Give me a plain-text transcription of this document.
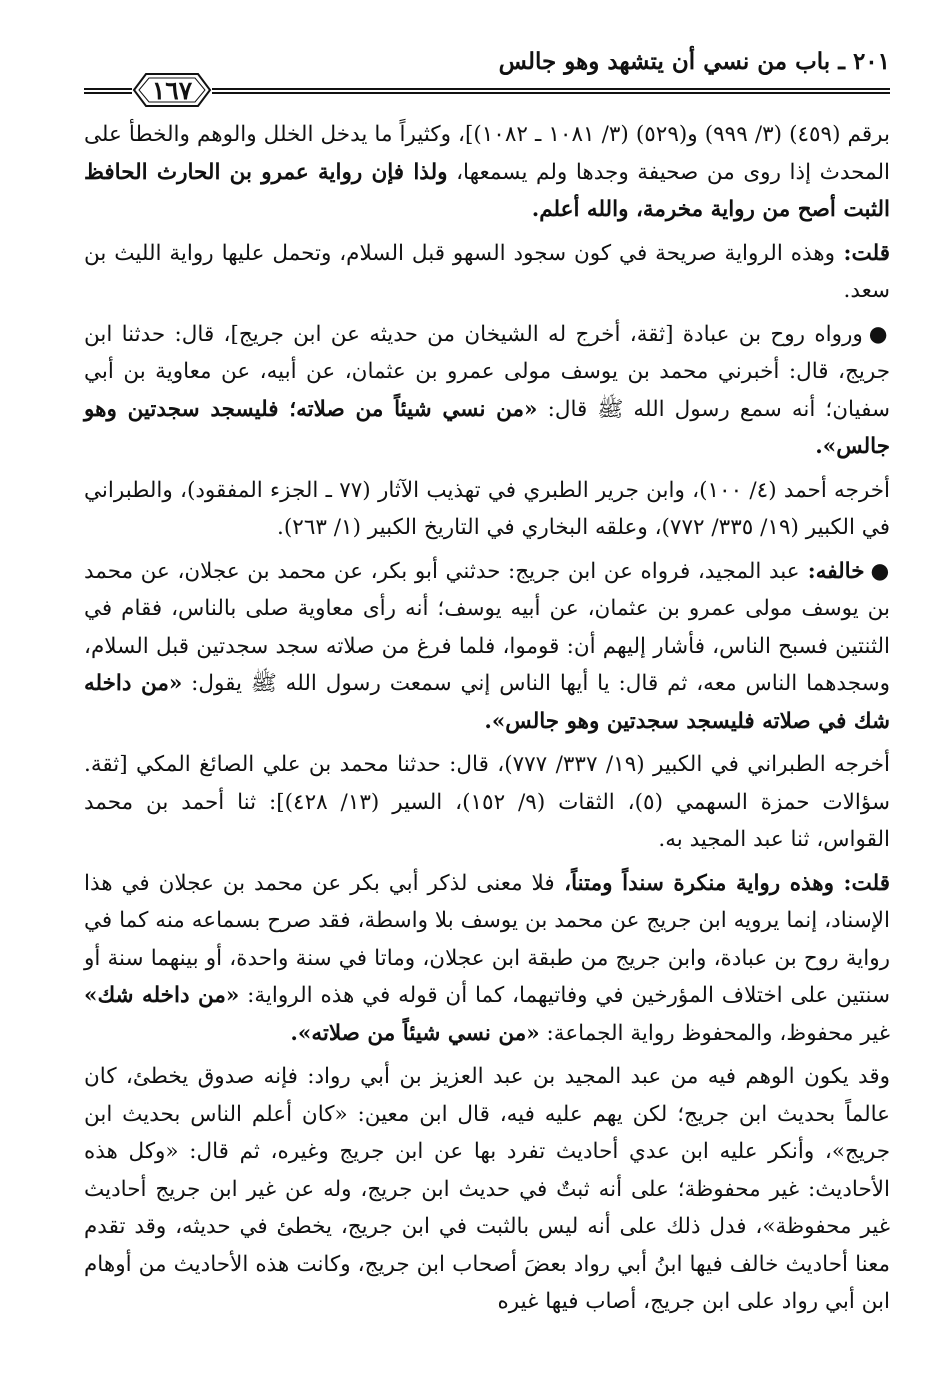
٢٠١ ـ باب من نسي أن يتشهد وهو جالس
١٦٧

برقم (٤٥٩) (٣/ ٩٩٩) و(٥٢٩) (٣/ ١٠٨١ ـ ١٠٨٢)]، وكثيراً ما يدخل الخلل والوهم والخطأ على المحدث إذا روى من صحيفة وجدها ولم يسمعها، ولذا فإن رواية عمرو بن الحارث الحافظ الثبت أصح من رواية مخرمة، والله أعلم.

قلت: وهذه الرواية صريحة في كون سجود السهو قبل السلام، وتحمل عليها رواية الليث بن سعد.

●ورواه روح بن عبادة [ثقة، أخرج له الشيخان من حديثه عن ابن جريج]، قال: حدثنا ابن جريج، قال: أخبرني محمد بن يوسف مولى عمرو بن عثمان، عن أبيه، عن معاوية بن أبي سفيان؛ أنه سمع رسول الله ﷺ قال: «من نسي شيئاً من صلاته؛ فليسجد سجدتين وهو جالس».

أخرجه أحمد (٤/ ١٠٠)، وابن جرير الطبري في تهذيب الآثار (٧٧ ـ الجزء المفقود)، والطبراني في الكبير (١٩/ ٣٣٥/ ٧٧٢)، وعلقه البخاري في التاريخ الكبير (١/ ٢٦٣).

●خالفه: عبد المجيد، فرواه عن ابن جريج: حدثني أبو بكر، عن محمد بن عجلان، عن محمد بن يوسف مولى عمرو بن عثمان، عن أبيه يوسف؛ أنه رأى معاوية صلى بالناس، فقام في الثنتين فسبح الناس، فأشار إليهم أن: قوموا، فلما فرغ من صلاته سجد سجدتين قبل السلام، وسجدهما الناس معه، ثم قال: يا أيها الناس إني سمعت رسول الله ﷺ يقول: «من داخله شك في صلاته فليسجد سجدتين وهو جالس».

أخرجه الطبراني في الكبير (١٩/ ٣٣٧/ ٧٧٧)، قال: حدثنا محمد بن علي الصائغ المكي [ثقة. سؤالات حمزة السهمي (٥)، الثقات (٩/ ١٥٢)، السير (١٣/ ٤٢٨)]: ثنا أحمد بن محمد القواس، ثنا عبد المجيد به.

قلت: وهذه رواية منكرة سنداً ومتناً، فلا معنى لذكر أبي بكر عن محمد بن عجلان في هذا الإسناد، إنما يرويه ابن جريج عن محمد بن يوسف بلا واسطة، فقد صرح بسماعه منه كما في رواية روح بن عبادة، وابن جريج من طبقة ابن عجلان، وماتا في سنة واحدة، أو بينهما سنة أو سنتين على اختلاف المؤرخين في وفاتيهما، كما أن قوله في هذه الرواية: «من داخله شك» غير محفوظ، والمحفوظ رواية الجماعة: «من نسي شيئاً من صلاته».

وقد يكون الوهم فيه من عبد المجيد بن عبد العزيز بن أبي رواد: فإنه صدوق يخطئ، كان عالماً بحديث ابن جريج؛ لكن يهم عليه فيه، قال ابن معين: «كان أعلم الناس بحديث ابن جريج»، وأنكر عليه ابن عدي أحاديث تفرد بها عن ابن جريج وغيره، ثم قال: «وكل هذه الأحاديث: غير محفوظة؛ على أنه ثبتٌ في حديث ابن جريج، وله عن غير ابن جريج أحاديث غير محفوظة»، فدل ذلك على أنه ليس بالثبت في ابن جريج، يخطئ في حديثه، وقد تقدم معنا أحاديث خالف فيها ابنُ أبي رواد بعضَ أصحاب ابن جريج، وكانت هذه الأحاديث من أوهام ابن أبي رواد على ابن جريج، أصاب فيها غيره
